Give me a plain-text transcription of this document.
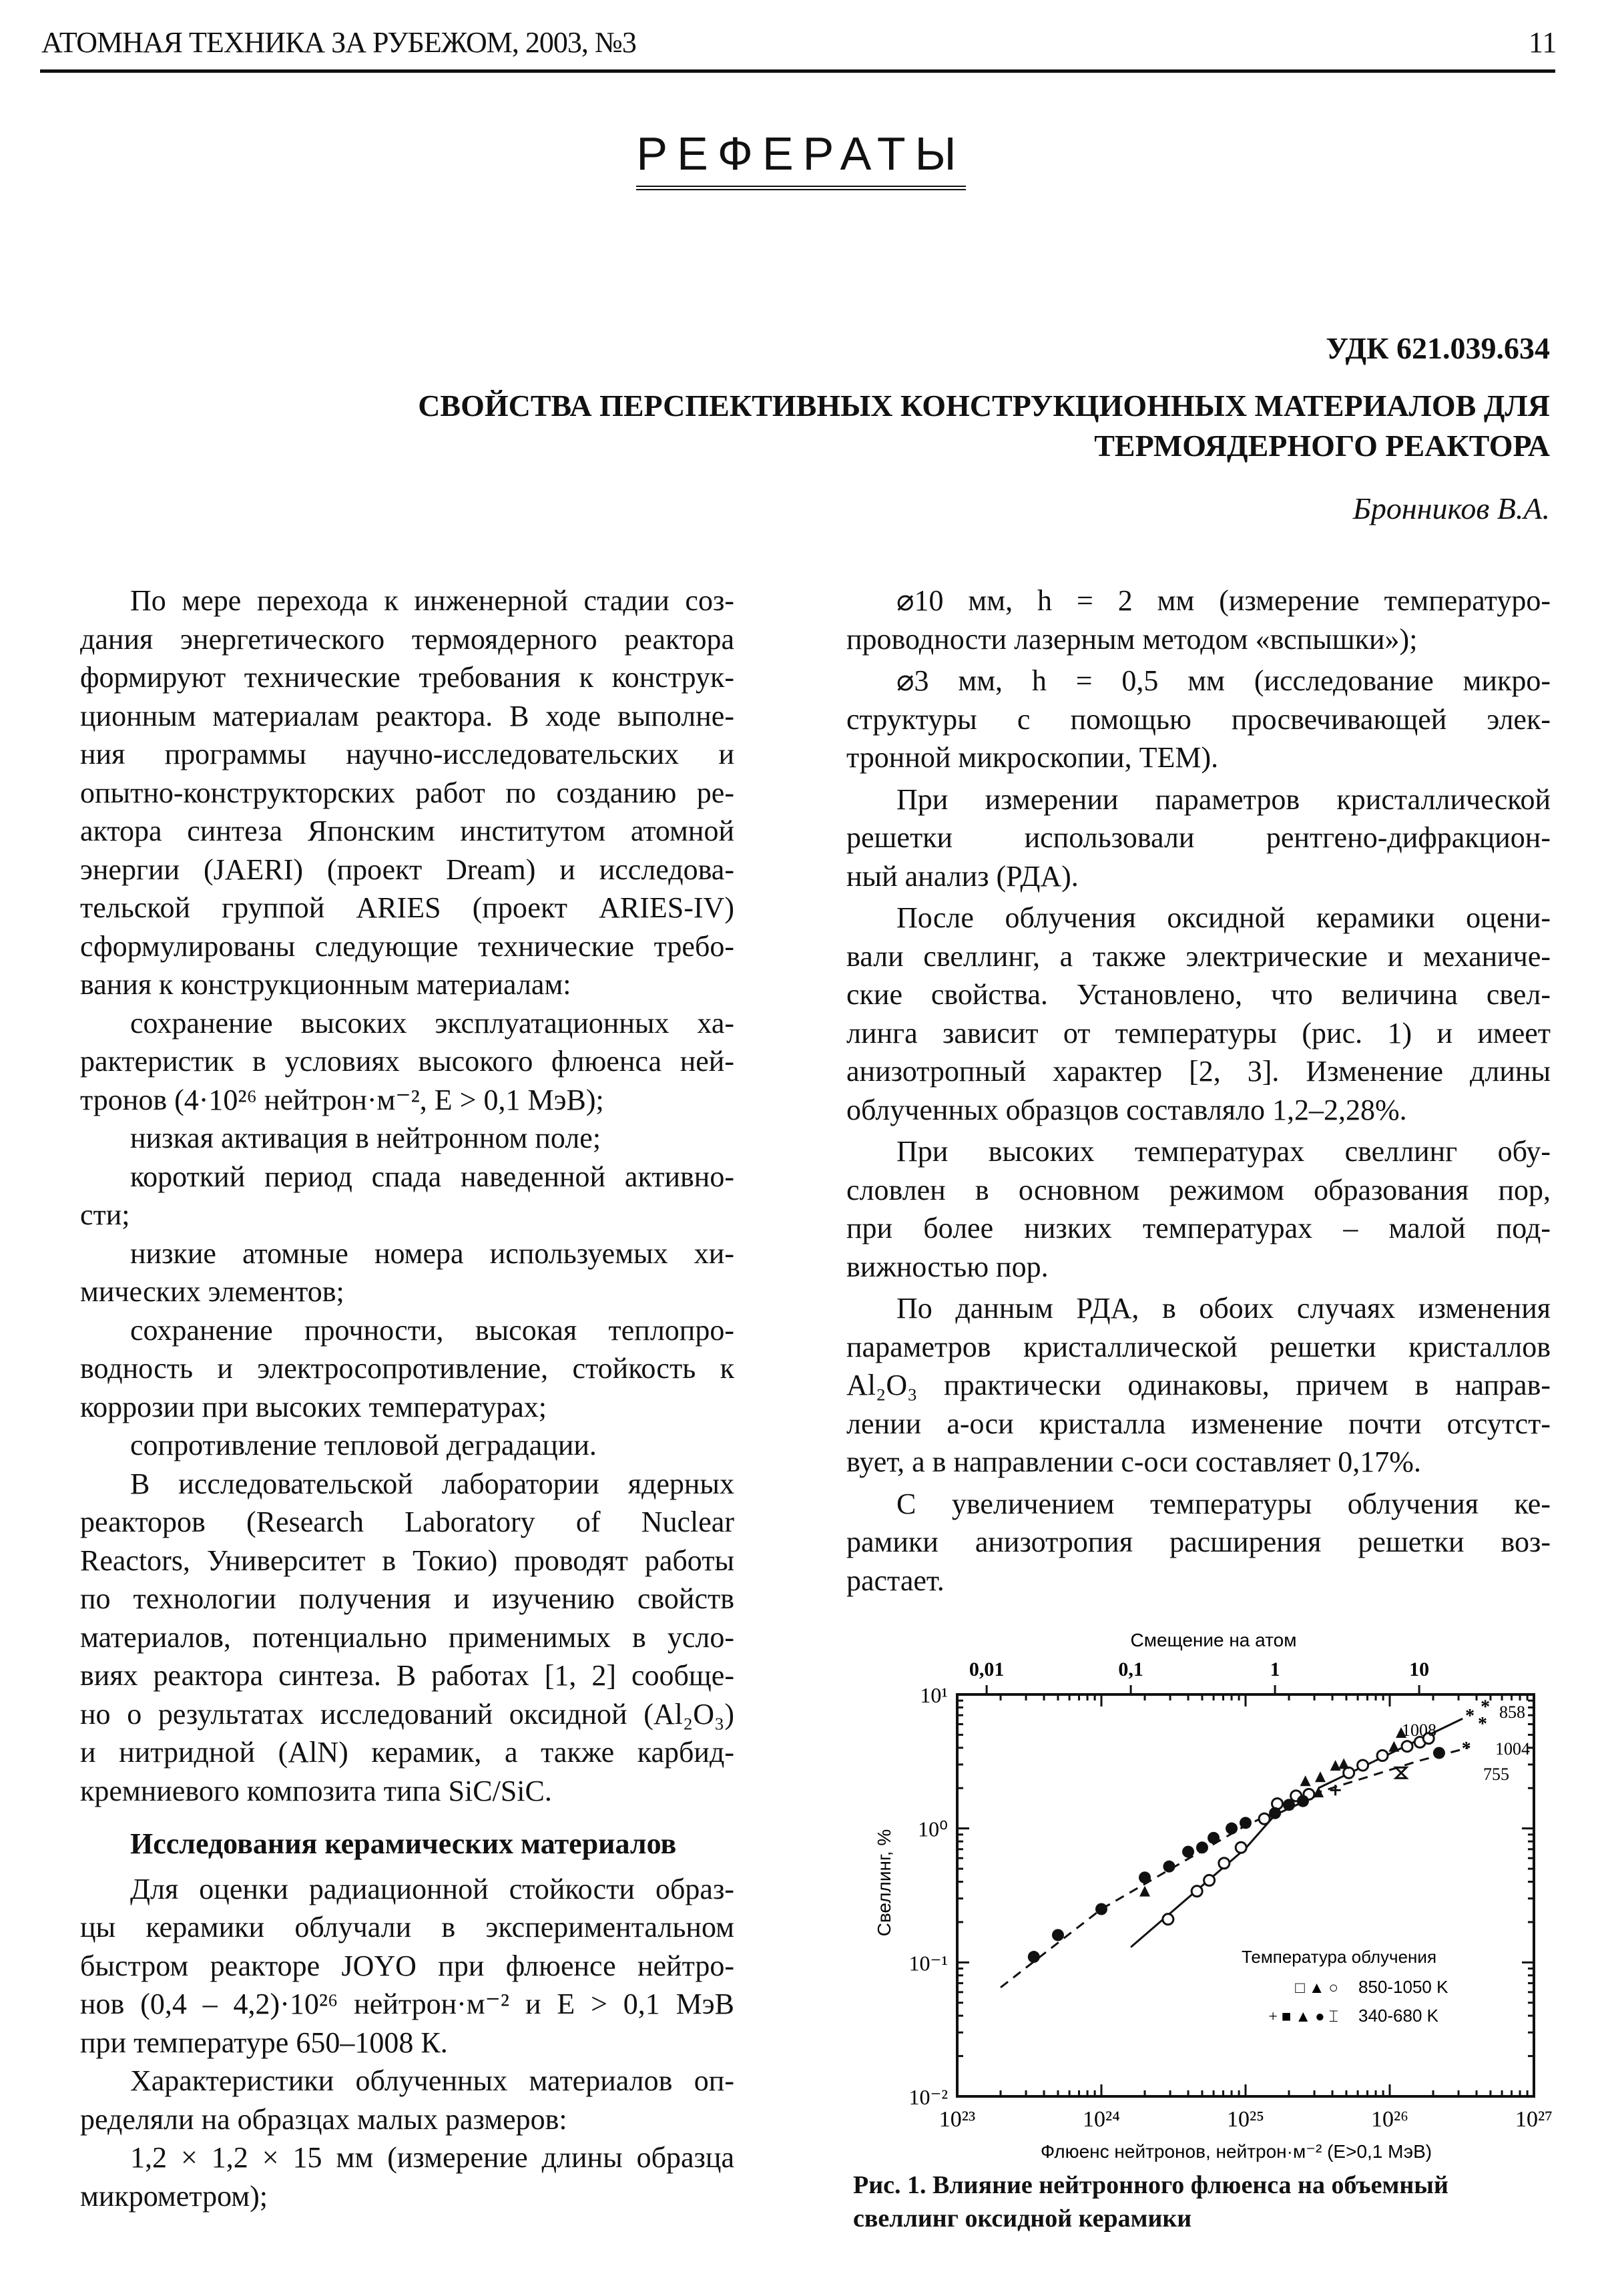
АТОМНАЯ ТЕХНИКА ЗА РУБЕЖОМ, 2003, №3	11
РЕФЕРАТЫ
УДК 621.039.634
СВОЙСТВА ПЕРСПЕКТИВНЫХ КОНСТРУКЦИОННЫХ МАТЕРИАЛОВ ДЛЯ
ТЕРМОЯДЕРНОГО РЕАКТОРА
Бронников В.А.
По мере перехода к инженерной стадии соз-
дания энергетического термоядерного реактора
формируют технические требования к конструк-
ционным материалам реактора. В ходе выполне-
ния программы научно-исследовательских и
опытно-конструкторских работ по созданию ре-
актора синтеза Японским институтом атомной
энергии (JAERI) (проект Dream) и исследова-
тельской группой ARIES (проект ARIES-IV)
сформулированы следующие технические требо-
вания к конструкционным материалам:
сохранение высоких эксплуатационных ха-
рактеристик в условиях высокого флюенса ней-
тронов (4·10²⁶ нейтрон·м⁻², E > 0,1 МэВ);
низкая активация в нейтронном поле;
короткий период спада наведенной активно-
сти;
низкие атомные номера используемых хи-
мических элементов;
сохранение прочности, высокая теплопро-
водность и электросопротивление, стойкость к
коррозии при высоких температурах;
сопротивление тепловой деградации.
В исследовательской лаборатории ядерных
реакторов (Research Laboratory of Nuclear
Reactors, Университет в Токио) проводят работы
по технологии получения и изучению свойств
материалов, потенциально применимых в усло-
виях реактора синтеза. В работах [1, 2] сообще-
но о результатах исследований оксидной (Al₂O₃)
и нитридной (AlN) керамик, а также карбид-
кремниевого композита типа SiC/SiC.
Исследования керамических материалов
Для оценки радиационной стойкости образ-
цы керамики облучали в экспериментальном
быстром реакторе JOYO при флюенсе нейтро-
нов (0,4 – 4,2)·10²⁶ нейтрон·м⁻² и E > 0,1 МэВ
при температуре 650–1008 К.
Характеристики облученных материалов оп-
ределяли на образцах малых размеров:
1,2 × 1,2 × 15 мм (измерение длины образца
микрометром);
⌀10 мм, h = 2 мм (измерение температуро-
проводности лазерным методом «вспышки»);
⌀3 мм, h = 0,5 мм (исследование микро-
структуры с помощью просвечивающей элек-
тронной микроскопии, TEM).
При измерении параметров кристаллической
решетки использовали рентгено-дифракцион-
ный анализ (РДА).
После облучения оксидной керамики оцени-
вали свеллинг, а также электрические и механиче-
ские свойства. Установлено, что величина свел-
линга зависит от температуры (рис. 1) и имеет
анизотропный характер [2, 3]. Изменение длины
облученных образцов составляло 1,2–2,28%.
При высоких температурах свеллинг обу-
словлен в основном режимом образования пор,
при более низких температурах – малой под-
вижностью пор.
По данным РДА, в обоих случаях изменения
параметров кристаллической решетки кристаллов
Al₂O₃ практически одинаковы, причем в направ-
лении a-оси кристалла изменение почти отсутст-
вует, а в направлении c-оси составляет 0,17%.
С увеличением температуры облучения ке-
рамики анизотропия расширения решетки воз-
растает.
10²³	10²⁴	10²⁵	10²⁶	10²⁷
10¹
10⁰
10⁻¹
10⁻²
0,01	0,1	1	10
Смещение на атом
Флюенс нейтронов, нейтрон·м⁻² (E>0,1 МэВ)
Свеллинг, %
* *
*
*
1008
858
1004
755
Температура облучения
□ ▲ ○ 850-1050 K
+ ■ ▲ ● ⌶ 340-680 K
Рис. 1. Влияние нейтронного флюенса на объемный
свеллинг оксидной керамики
